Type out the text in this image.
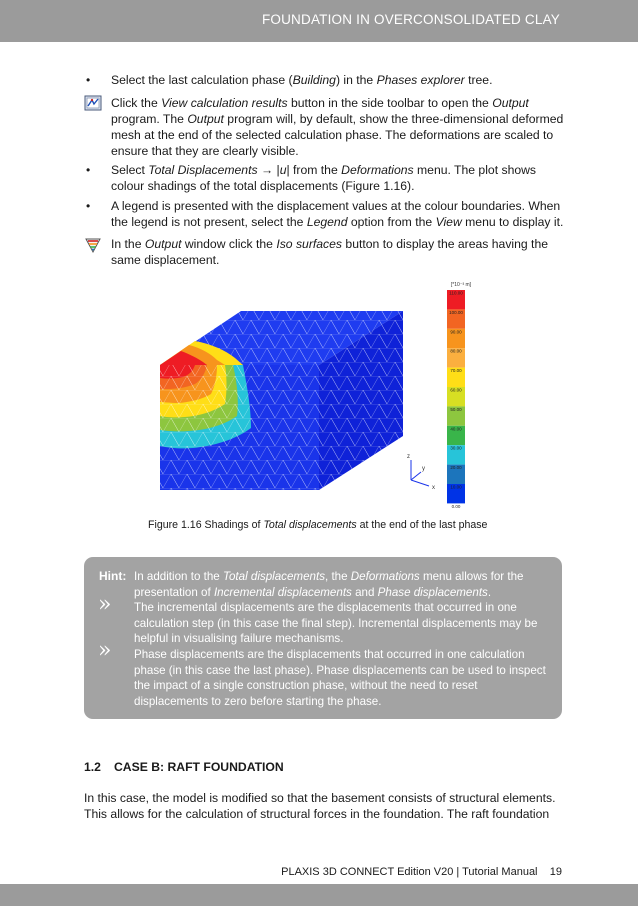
FOUNDATION IN OVERCONSOLIDATED CLAY
• Select the last calculation phase (Building) in the Phases explorer tree.

Click the View calculation results button in the side toolbar to open the Output program. The Output program will, by default, show the three-dimensional deformed mesh at the end of the selected calculation phase. The deformations are scaled to ensure that they are clearly visible.

• Select Total Displacements → |u| from the Deformations menu. The plot shows colour shadings of the total displacements (Figure 1.16).

• A legend is presented with the displacement values at the colour boundaries. When the legend is not present, select the Legend option from the View menu to display it.

In the Output window click the Iso surfaces button to display the areas having the same displacement.

z
y
x
[*10⁻³ m]
110.00
100.00
90.00
80.00
70.00
60.00
50.00
40.00
30.00
20.00
10.00
0.00

Figure 1.16 Shadings of Total displacements at the end of the last phase

Hint:
»
»

In addition to the Total displacements, the Deformations menu allows for the presentation of Incremental displacements and Phase displacements.

The incremental displacements are the displacements that occurred in one calculation step (in this case the final step). Incremental displacements may be helpful in visualising failure mechanisms.

Phase displacements are the displacements that occurred in one calculation phase (in this case the last phase). Phase displacements can be used to inspect the impact of a single construction phase, without the need to reset displacements to zero before starting the phase.

1.2 CASE B: RAFT FOUNDATION

In this case, the model is modified so that the basement consists of structural elements. This allows for the calculation of structural forces in the foundation. The raft foundation

PLAXIS 3D CONNECT Edition V20 | Tutorial Manual 19
